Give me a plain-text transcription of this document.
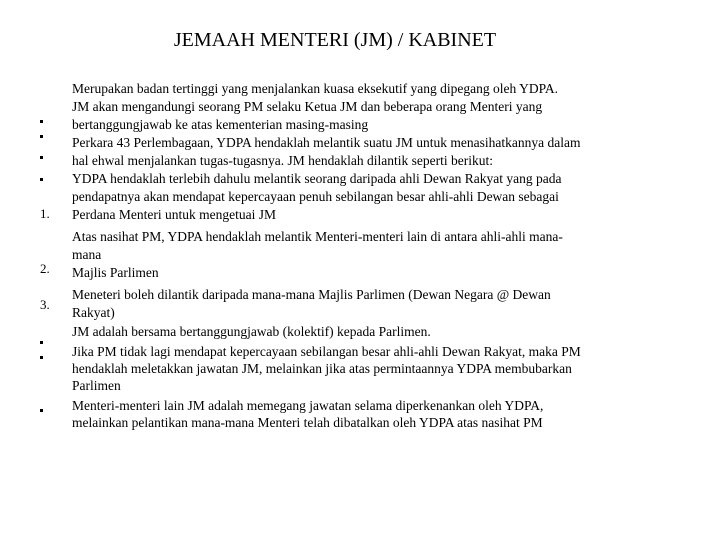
JEMAAH MENTERI (JM) / KABINET
1.
2.
3.
Merupakan badan tertinggi yang menjalankan kuasa eksekutif yang dipegang oleh YDPA.
JM akan mengandungi seorang PM selaku Ketua JM dan beberapa orang Menteri yang
bertanggungjawab ke atas kementerian masing-masing
Perkara 43 Perlembagaan, YDPA hendaklah melantik suatu JM untuk menasihatkannya dalam
hal ehwal menjalankan tugas-tugasnya. JM hendaklah dilantik seperti berikut:
YDPA hendaklah terlebih dahulu melantik seorang daripada ahli Dewan Rakyat yang pada
pendapatnya akan mendapat kepercayaan penuh sebilangan besar ahli-ahli Dewan sebagai
Perdana Menteri untuk mengetuai JM
Atas nasihat PM, YDPA hendaklah melantik Menteri-menteri lain di antara ahli-ahli mana-
mana
Majlis Parlimen
Meneteri boleh dilantik daripada mana-mana Majlis Parlimen (Dewan Negara @ Dewan
Rakyat)
JM adalah bersama bertanggungjawab (kolektif) kepada Parlimen.
Jika PM tidak lagi mendapat kepercayaan sebilangan besar ahli-ahli Dewan Rakyat, maka PM
hendaklah meletakkan jawatan JM, melainkan jika atas permintaannya YDPA membubarkan
Parlimen
Menteri-menteri lain JM adalah memegang jawatan selama diperkenankan oleh YDPA,
melainkan pelantikan mana-mana Menteri telah dibatalkan oleh YDPA atas nasihat PM
